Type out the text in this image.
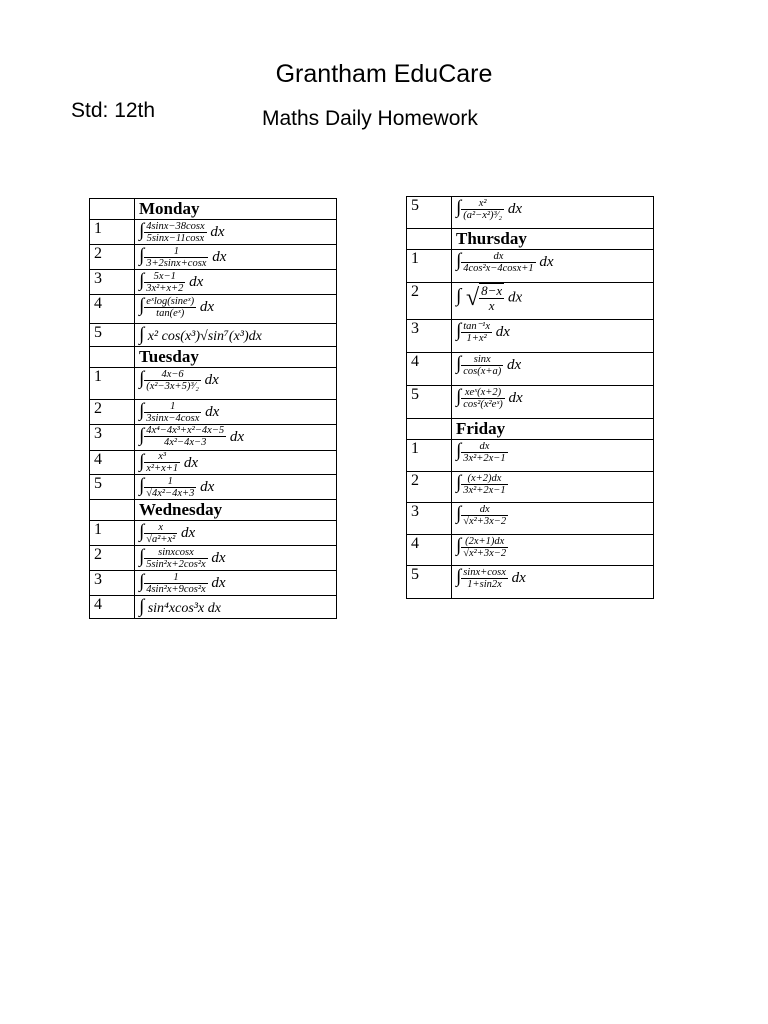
Grantham EduCare
Std: 12th	Maths Daily Homework
	Monday
1	∫ $\frac{4\sin x-38\cos x}{5\sin x-11\cos x}$ dx
2	∫ $\frac{1}{3+2\sin x+\cos x}$ dx
3	∫ $\frac{5x-1}{\text{3x²+x+2}}$ dx
4	∫ $\frac{\text{eˣlog(sineˣ)}}{\text{tan(eˣ)}}$ dx
5	∫ x² cos(x³)√sin⁷(x³)dx
	Tuesday
1	∫ $\frac{4x-6}{\text{(x²−3x+5)³⁄₂}}$ dx
2	∫ $\frac{1}{3\sin x-4\cos x}$ dx
3	∫ $\frac{\text{4x⁴−4x³+x²−4x−5}}{\text{4x²−4x−3}}$ dx
4	∫ $\frac{\text{x³}}{\text{x²+x+1}}$ dx
5	∫ $\frac{1}{\text{√4x²−4x+3}}$ dx
	Wednesday
1	∫ $\frac{x}{\text{√a²+x²}}$ dx
2	∫ $\frac{\text{sinxcosx}}{\text{5sin²x+2cos²x}}$ dx
3	∫ $\frac{1}{\text{4sin²x+9cos²x}}$ dx
4	∫ sin⁴xcos³x dx
5	∫ $\frac{\text{x²}}{\text{(a²−x²)³⁄₂}}$ dx
	Thursday
1	∫ $\frac{dx}{\text{4cos²x−4cosx+1}}$ dx
2	∫ √ $\frac{8-x}{x}$ dx
3	∫ $\frac{\text{tan⁻¹x}}{\text{1+x²}}$ dx
4	∫ $\frac{\sin x}{\cos(x+a)}$ dx
5	∫ $\frac{\text{xeˣ(x+2)}}{\text{cos²(x²eˣ)}}$ dx
	Friday
1	∫ $\frac{dx}{\text{3x²+2x−1}}$

2	∫ $\frac{(x+2)dx}{\text{3x²+2x−1}}$

3	∫ $\frac{dx}{\text{√x²+3x−2}}$

4	∫ $\frac{(2x+1)dx}{\text{√x²+3x−2}}$

5	∫ $\frac{\sin x+\cos x}{1+\sin 2x}$ dx
